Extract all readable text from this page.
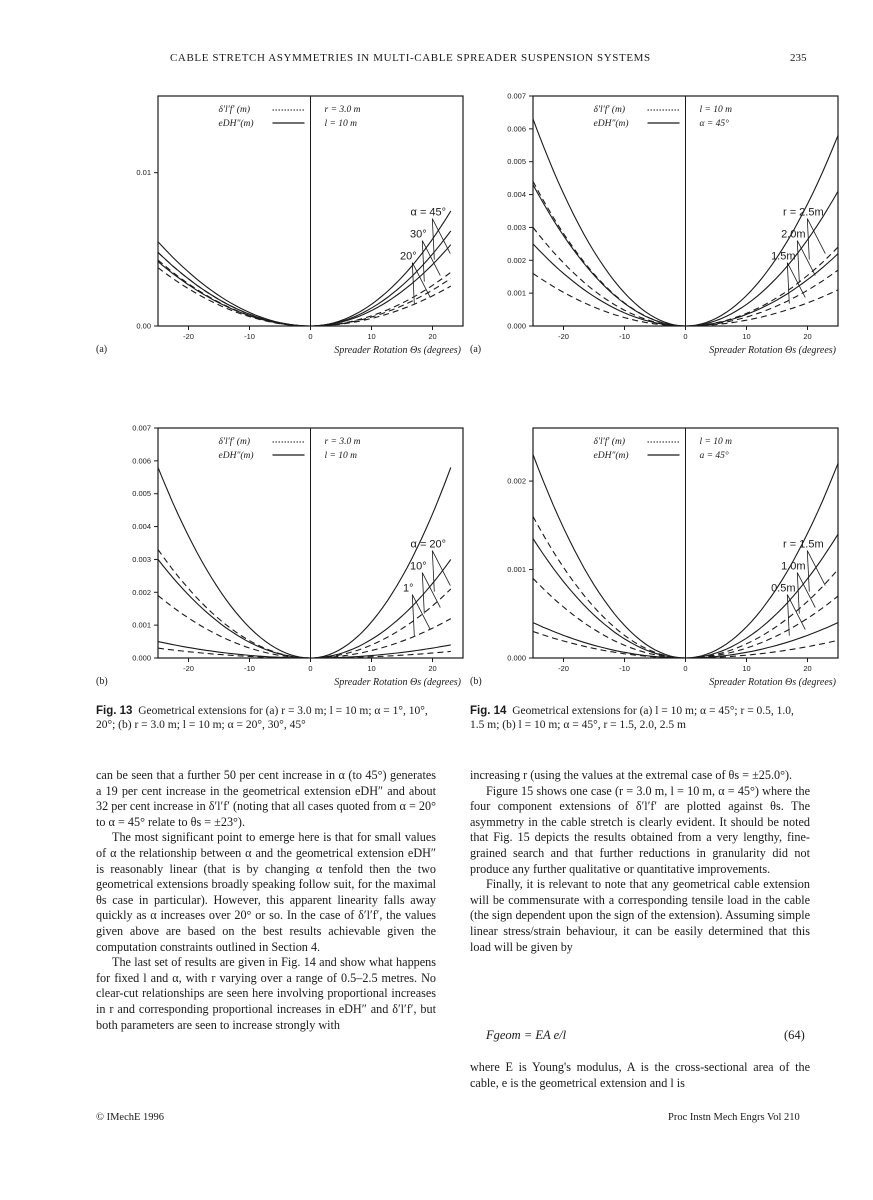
CABLE STRETCH ASYMMETRIES IN MULTI-CABLE SPREADER SUSPENSION SYSTEMS	235
0.00
0.01
-20	-10	0	10	20
Spreader Rotation Θs (degrees)
δ′l′f′ (m)
eDH″(m)
r = 3.0 m
l = 10 m
α = 45°
30°
20°
(a)
0.000
0.001
0.002
0.003
0.004
0.005
0.006
0.007
-20	-10	0	10	20
Spreader Rotation Θs (degrees)
δ′l′f′ (m)
eDH″(m)
l = 10 m
α = 45°
r = 2.5m
2.0m
1.5m
(a)
0.000
0.001
0.002
0.003
0.004
0.005
0.006
0.007
-20	-10	0	10	20
Spreader Rotation Θs (degrees)
δ′l′f′ (m)
eDH″(m)
r = 3.0 m
l = 10 m
α = 20°
10°
1°
(b)
0.000
0.001
0.002
-20	-10	0	10	20
Spreader Rotation Θs (degrees)
δ′l′f′ (m)
eDH″(m)
l = 10 m
a = 45°
r = 1.5m
1.0m
0.5m
(b)
Fig. 13 Geometrical extensions for (a) r = 3.0 m; l = 10 m; α = 1°, 10°, 20°; (b) r = 3.0 m; l = 10 m; α = 20°, 30°, 45°
Fig. 14 Geometrical extensions for (a) l = 10 m; α = 45°; r = 0.5, 1.0, 1.5 m; (b) l = 10 m; α = 45°, r = 1.5, 2.0, 2.5 m

can be seen that a further 50 per cent increase in α (to 45°) generates a 19 per cent increase in the geometrical extension eDH″ and about 32 per cent increase in δ′l′f′ (noting that all cases quoted from α = 20° to α = 45° relate to θs = ±23°).

The most significant point to emerge here is that for small values of α the relationship between α and the geometrical extension eDH″ is reasonably linear (that is by changing α tenfold then the two geometrical extensions broadly speaking follow suit, for the maximal θs case in particular). However, this apparent linearity falls away quickly as α increases over 20° or so. In the case of δ′l′f′, the values given above are based on the best results achievable given the computation constraints outlined in Section 4.

The last set of results are given in Fig. 14 and show what happens for fixed l and α, with r varying over a range of 0.5–2.5 metres. No clear-cut relationships are seen here involving proportional increases in r and corresponding proportional increases in eDH″ and δ′l′f′, but both parameters are seen to increase strongly with

increasing r (using the values at the extremal case of θs = ±25.0°).

Figure 15 shows one case (r = 3.0 m, l = 10 m, α = 45°) where the four component extensions of δ′l′f′ are plotted against θs. The asymmetry in the cable stretch is clearly evident. It should be noted that Fig. 15 depicts the results obtained from a very lengthy, fine-grained search and that further reductions in granularity did not produce any further qualitative or quantitative improvements.

Finally, it is relevant to note that any geometrical cable extension will be commensurate with a corresponding tensile load in the cable (the sign dependent upon the sign of the extension). Assuming simple linear stress/strain behaviour, it can be easily determined that this load will be given by

Fgeom = EA e/l	(64)

where E is Young's modulus, A is the cross-sectional area of the cable, e is the geometrical extension and l is

© IMechE 1996	Proc Instn Mech Engrs Vol 210
